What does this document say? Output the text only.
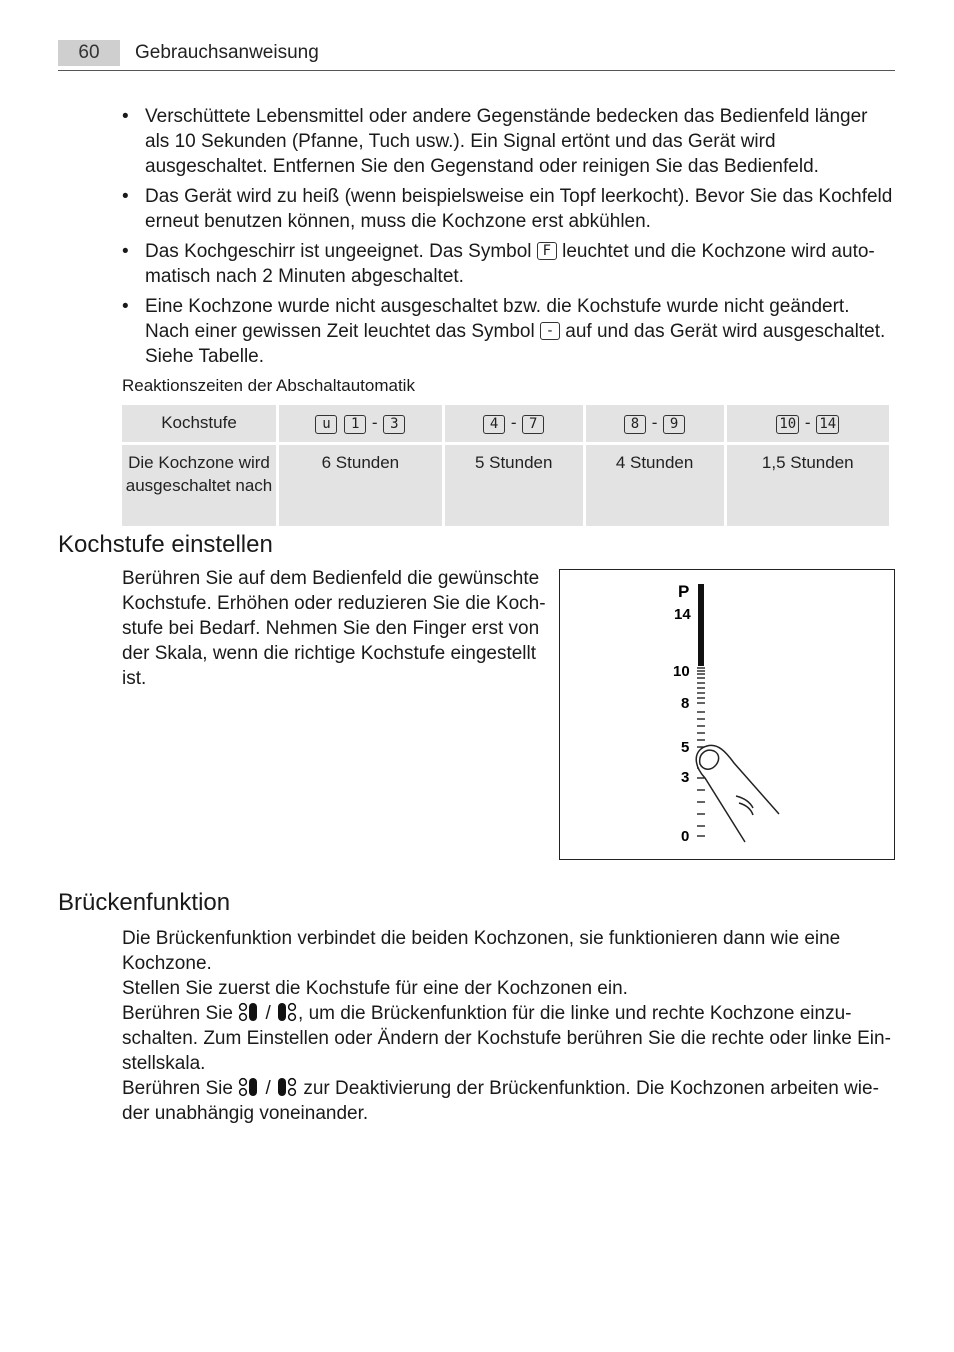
60	Gebrauchsanweisung
• Verschüttete Lebensmittel oder andere Gegenstände bedecken das Bedienfeld länger als 10 Sekunden (Pfanne, Tuch usw.). Ein Signal ertönt und das Gerät wird ausgeschaltet. Entfernen Sie den Gegenstand oder reinigen Sie das Bedienfeld.
• Das Gerät wird zu heiß (wenn beispielsweise ein Topf leerkocht). Bevor Sie das Kochfeld erneut benutzen können, muss die Kochzone erst abkühlen.
• Das Kochgeschirr ist ungeeignet. Das Symbol F leuchtet und die Kochzone wird automatisch nach 2 Minuten abgeschaltet.
• Eine Kochzone wurde nicht ausgeschaltet bzw. die Kochstufe wurde nicht geändert. Nach einer gewissen Zeit leuchtet das Symbol - auf und das Gerät wird ausgeschaltet. Siehe Tabelle.
Reaktionszeiten der Abschaltautomatik
Kochstufe	u 1 - 3	4 - 7	8 - 9	10 - 14
Die Kochzone wird ausgeschaltet nach	6 Stunden	5 Stunden	4 Stunden	1,5 Stunden
Kochstufe einstellen
Berühren Sie auf dem Bedienfeld die gewünschte Kochstufe. Erhöhen oder reduzieren Sie die Kochstufe bei Bedarf. Nehmen Sie den Finger erst von der Skala, wenn die richtige Kochstufe eingestellt ist.
P
14
10
8
5
3
0
Brückenfunktion

Die Brückenfunktion verbindet die beiden Kochzonen, sie funktionieren dann wie eine Kochzone.

Stellen Sie zuerst die Kochstufe für eine der Kochzonen ein.

Berühren Sie / , um die Brückenfunktion für die linke und rechte Kochzone einzuschalten. Zum Einstellen oder Ändern der Kochstufe berühren Sie die rechte oder linke Einstellskala.

Berühren Sie / zur Deaktivierung der Brückenfunktion. Die Kochzonen arbeiten wieder unabhängig voneinander.
